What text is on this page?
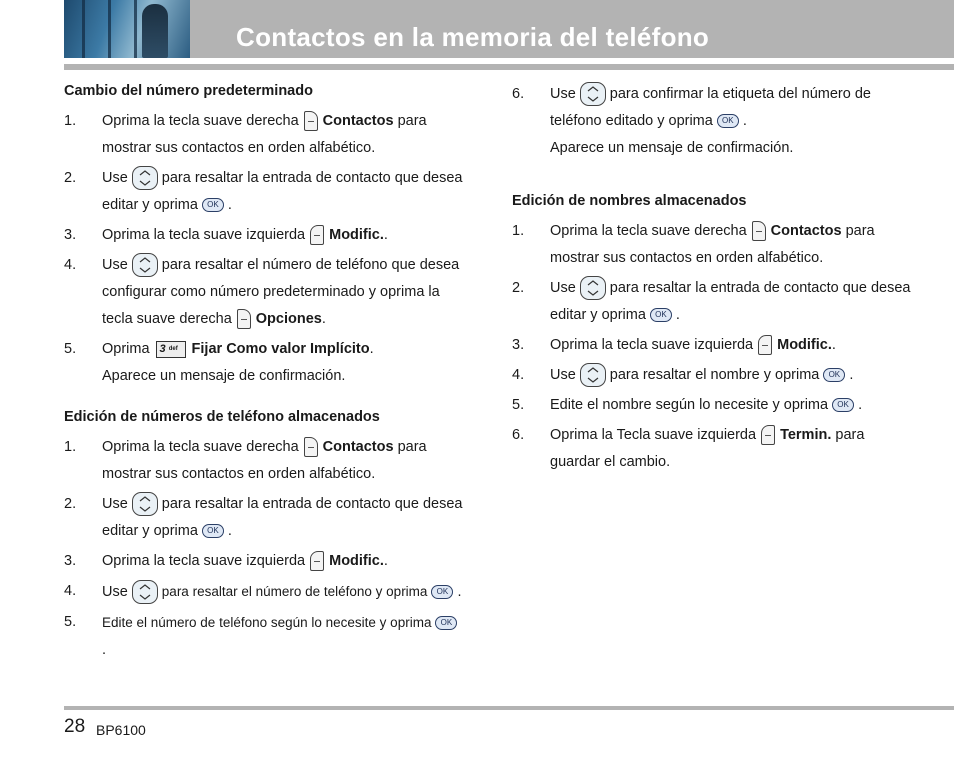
Contactos en la memoria del teléfono
Cambio del número predeterminado
1. Oprima la tecla suave derecha Contactos para mostrar sus contactos en orden alfabético.
2. Use para resaltar la entrada de contacto que desea editar y oprima OK .
3. Oprima la tecla suave izquierda Modific..
4. Use para resaltar el número de teléfono que desea configurar como número predeterminado y oprima la tecla suave derecha Opciones.
5. Oprima 3 $^{def}$ Fijar Como valor Implícito.
Aparece un mensaje de confirmación.
Edición de números de teléfono almacenados
1. Oprima la tecla suave derecha Contactos para mostrar sus contactos en orden alfabético.
2. Use para resaltar la entrada de contacto que desea editar y oprima OK .
3. Oprima la tecla suave izquierda Modific..
4. Use	para resaltar el número de teléfono y oprima OK .
5. Edite el número de teléfono según lo necesite y oprima OK.
6. Use para confirmar la etiqueta del número de teléfono editado y oprima OK .
Aparece un mensaje de confirmación.
Edición de nombres almacenados
1. Oprima la tecla suave derecha Contactos para mostrar sus contactos en orden alfabético.
2. Use para resaltar la entrada de contacto que desea editar y oprima OK .
3. Oprima la tecla suave izquierda Modific..
4. Use para resaltar el nombre y oprima OK .
5. Edite el nombre según lo necesite y oprima OK .
6. Oprima la Tecla suave izquierda Termin. para guardar el cambio.
28 BP6100
